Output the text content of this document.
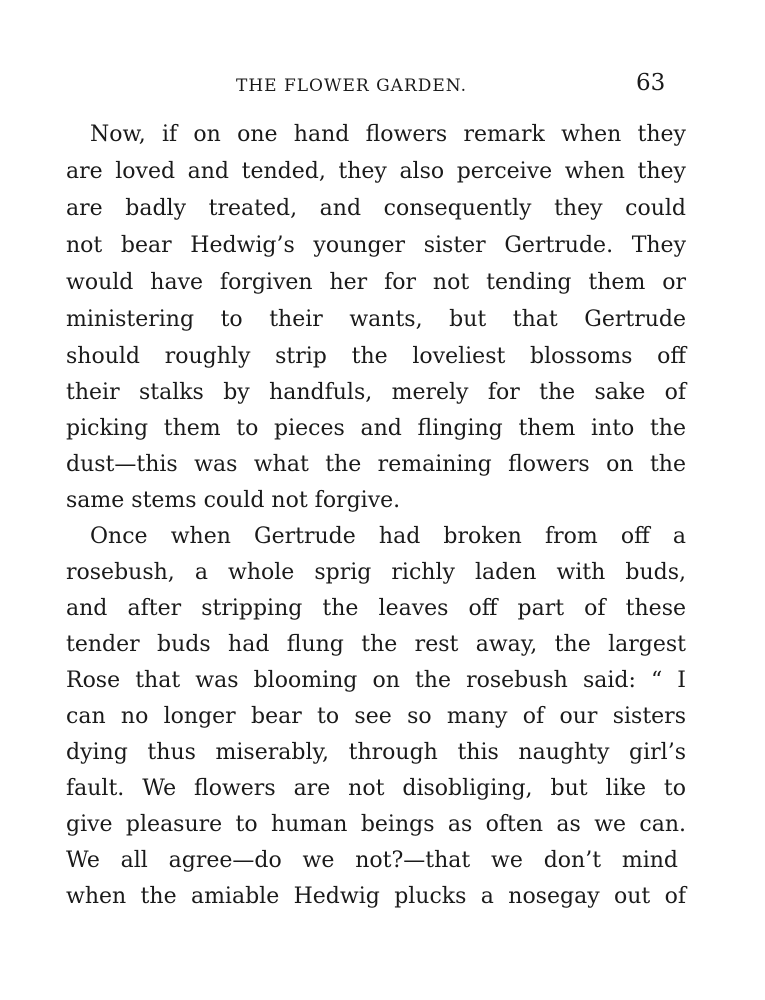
THE FLOWER GARDEN.	63
Now, if on one hand flowers remark when they
are loved and tended, they also perceive when they
are badly treated, and consequently they could
not bear Hedwig’s younger sister Gertrude. They
would have forgiven her for not tending them or
ministering to their wants, but that Gertrude
should roughly strip the loveliest blossoms off
their stalks by handfuls, merely for the sake of
picking them to pieces and flinging them into the
dust—this was what the remaining flowers on the
same stems could not forgive.
Once when Gertrude had broken from off a
rosebush, a whole sprig richly laden with buds,
and after stripping the leaves off part of these
tender buds had flung the rest away, the largest
Rose that was blooming on the rosebush said: “ I
can no longer bear to see so many of our sisters
dying thus miserably, through this naughty girl’s
fault. We flowers are not disobliging, but like to
give pleasure to human beings as often as we can.
We all agree—do we not?—that we don’t mind
when the amiable Hedwig plucks a nosegay out of
